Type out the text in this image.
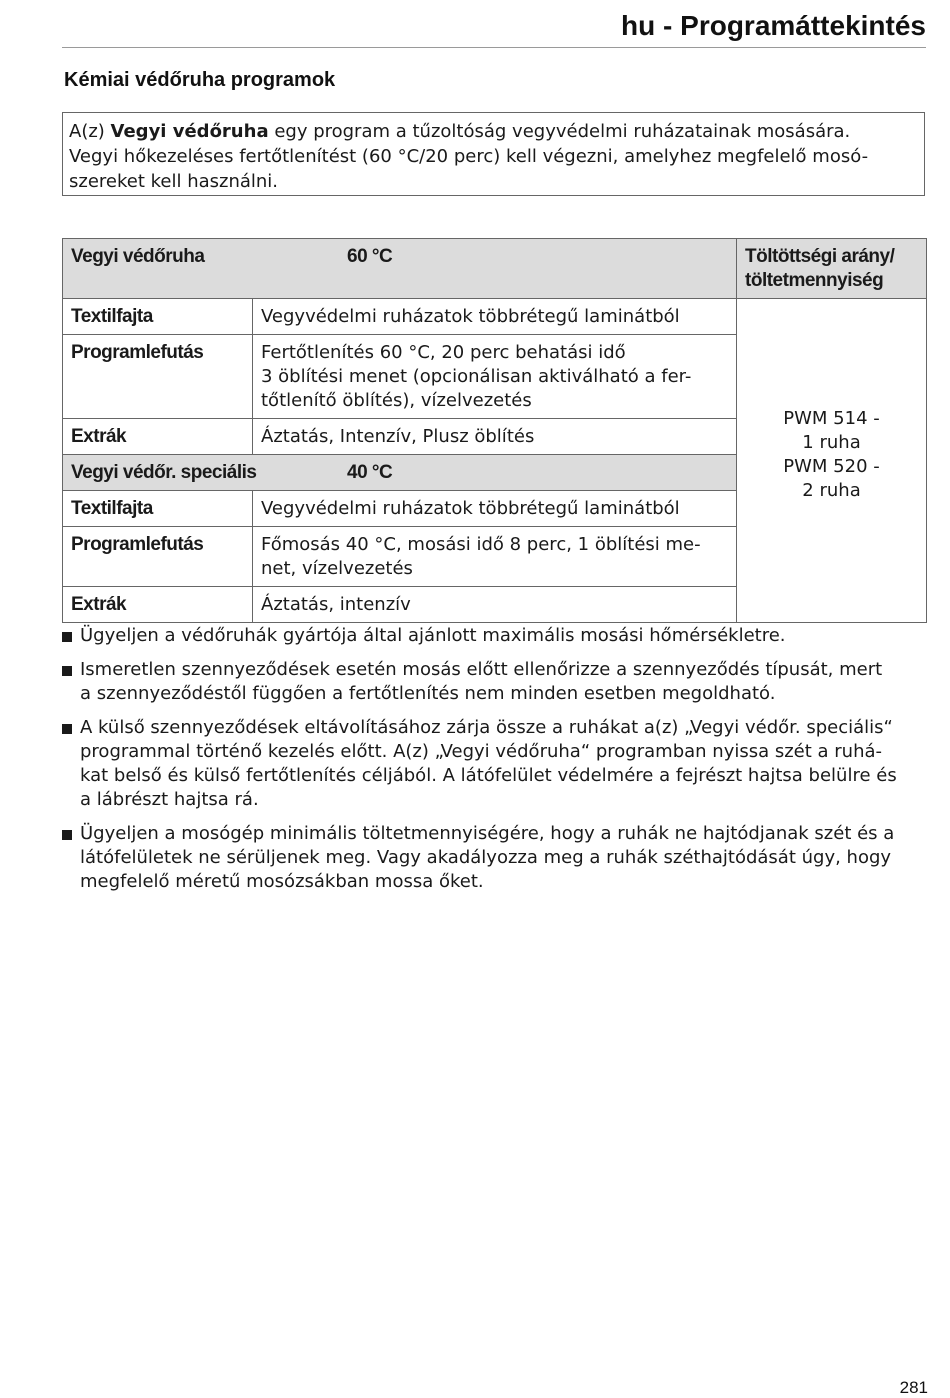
hu - Programáttekintés
Kémiai védőruha programok
A(z) Vegyi védőruha egy program a tűzoltóság vegyvédelmi ruházatainak mosására.
Vegyi hőkezeléses fertőtlenítést (60 °C/20 perc) kell végezni, amelyhez megfelelő mosó-
szereket kell használni.
Vegyi védőruha 60 °C		Töltöttségi arány/
töltetmennyiség

Textilfajta	Vegyvédelmi ruházatok többrétegű laminátból	PWM 514 -
1 ruha
PWM 520 -
2 ruha

Programlefutás	Fertőtlenítés 60 °C, 20 perc behatási idő
3 öblítési menet (opcionálisan aktiválható a fer-
tőtlenítő öblítés), vízelvezetés	

Extrák	Áztatás, Intenzív, Plusz öblítés	

Vegyi védőr. speciális 40 °C		
Textilfajta	Vegyvédelmi ruházatok többrétegű laminátból	

Programlefutás	Főmosás 40 °C, mosási idő 8 perc, 1 öblítési me-
net, vízelvezetés	

Extrák	Áztatás, intenzív	
Ügyeljen a védőruhák gyártója által ajánlott maximális mosási hőmérsékletre.
Ismeretlen szennyeződések esetén mosás előtt ellenőrizze a szennyeződés típusát, mert
a szennyeződéstől függően a fertőtlenítés nem minden esetben megoldható.
A külső szennyeződések eltávolításához zárja össze a ruhákat a(z) „Vegyi védőr. speciális“
programmal történő kezelés előtt. A(z) „Vegyi védőruha“ programban nyissa szét a ruhá-
kat belső és külső fertőtlenítés céljából. A látófelület védelmére a fejrészt hajtsa belülre és
a lábrészt hajtsa rá.
Ügyeljen a mosógép minimális töltetmennyiségére, hogy a ruhák ne hajtódjanak szét és a
látófelületek ne sérüljenek meg. Vagy akadályozza meg a ruhák széthajtódását úgy, hogy
megfelelő méretű mosózsákban mossa őket.
281
